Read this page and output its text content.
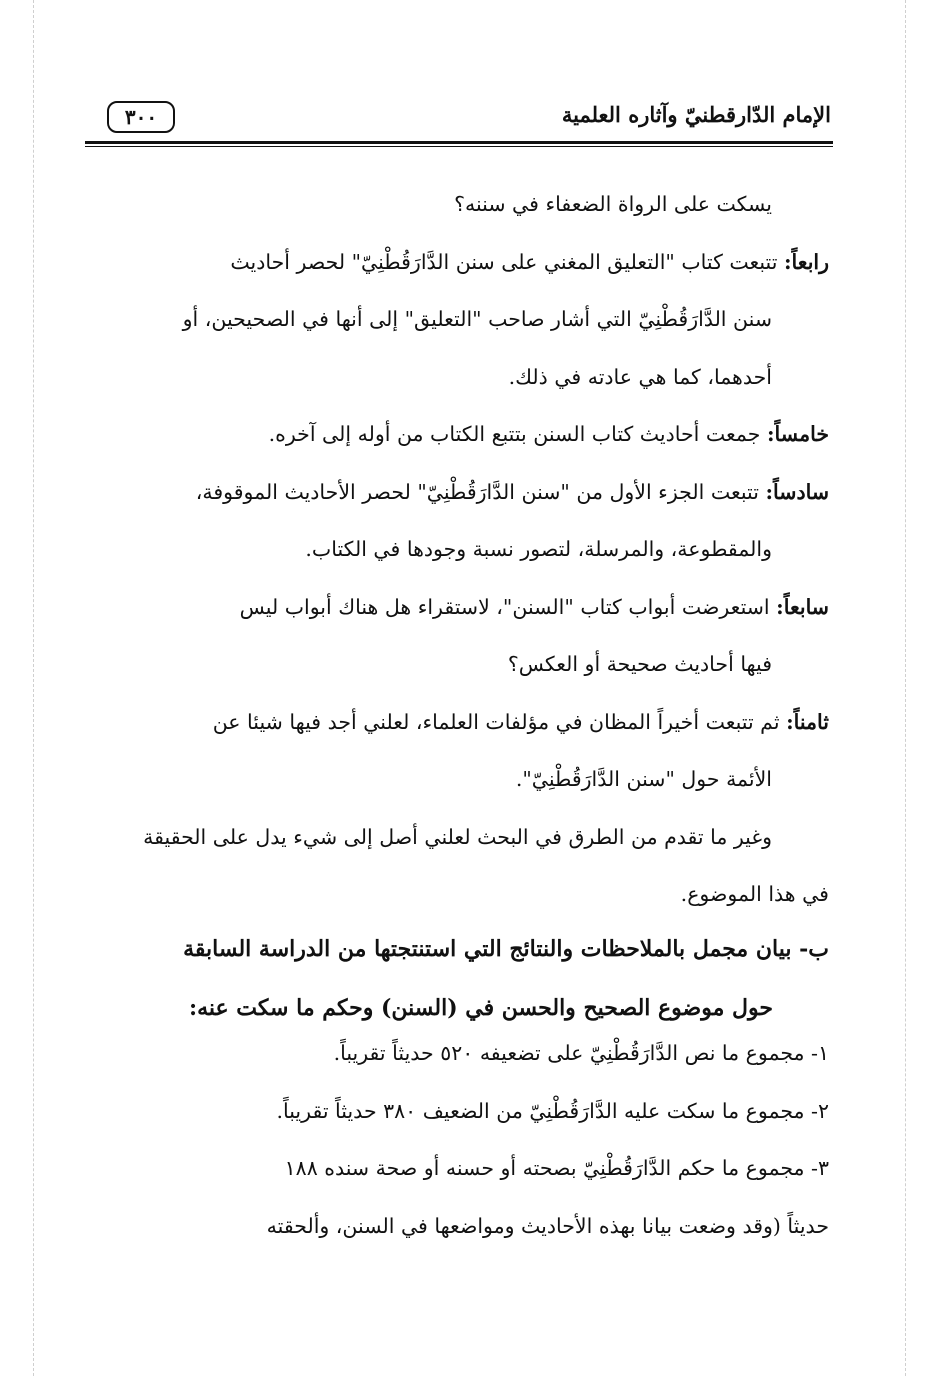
٣٠٠	الإمام الدّارقطنيّ وآثاره العلمية
يسكت على الرواة الضعفاء في سننه؟
رابعاً: تتبعت كتاب "التعليق المغني على سنن الدَّارَقُطْنِيّ" لحصر أحاديث
سنن الدَّارَقُطْنِيّ التي أشار صاحب "التعليق" إلى أنها في الصحيحين، أو
أحدهما، كما هي عادته في ذلك.
خامساً: جمعت أحاديث كتاب السنن بتتبع الكتاب من أوله إلى آخره.
سادساً: تتبعت الجزء الأول من "سنن الدَّارَقُطْنِيّ" لحصر الأحاديث الموقوفة،
والمقطوعة، والمرسلة، لتصور نسبة وجودها في الكتاب.
سابعاً: استعرضت أبواب كتاب "السنن"، لاستقراء هل هناك أبواب ليس
فيها أحاديث صحيحة أو العكس؟
ثامناً: ثم تتبعت أخيراً المظان في مؤلفات العلماء، لعلني أجد فيها شيئا عن
الأئمة حول "سنن الدَّارَقُطْنِيّ".
وغير ما تقدم من الطرق في البحث لعلني أصل إلى شيء يدل على الحقيقة
في هذا الموضوع.
ب- بيان مجمل بالملاحظات والنتائج التي استنتجتها من الدراسة السابقة
حول موضوع الصحيح والحسن في (السنن) وحكم ما سكت عنه:
١- مجموع ما نص الدَّارَقُطْنِيّ على تضعيفه ٥٢٠ حديثاً تقريباً.
٢- مجموع ما سكت عليه الدَّارَقُطْنِيّ من الضعيف ٣٨٠ حديثاً تقريباً.
٣- مجموع ما حكم الدَّارَقُطْنِيّ بصحته أو حسنه أو صحة سنده ١٨٨
حديثاً (وقد وضعت بيانا بهذه الأحاديث ومواضعها في السنن، وألحقته
